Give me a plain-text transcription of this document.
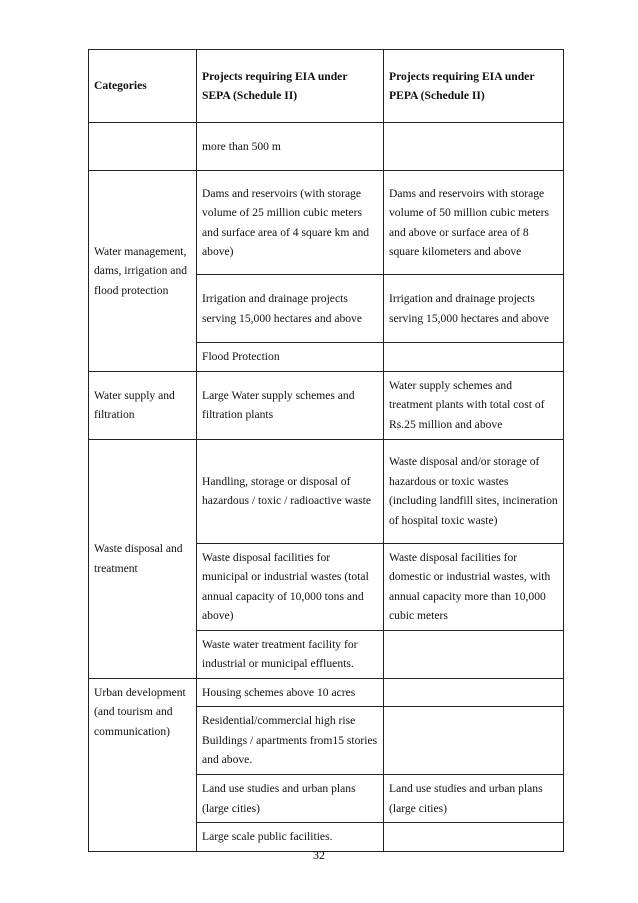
Categories	Projects requiring EIA under SEPA (Schedule II)	Projects requiring EIA under PEPA (Schedule II)
	more than 500 m	
Water management, dams, irrigation and flood protection	Dams and reservoirs (with storage volume of 25 million cubic meters and surface area of 4 square km and above)	Dams and reservoirs with storage volume of 50 million cubic meters and above or surface area of 8 square kilometers and above
	Irrigation and drainage projects serving 15,000 hectares and above	Irrigation and drainage projects serving 15,000 hectares and above
	Flood Protection	
Water supply and filtration	Large Water supply schemes and filtration plants	Water supply schemes and treatment plants with total cost of Rs.25 million and above
Waste disposal and treatment	Handling, storage or disposal of hazardous / toxic / radioactive waste	Waste disposal and/or storage of hazardous or toxic wastes (including landfill sites, incineration of hospital toxic waste)
	Waste disposal facilities for municipal or industrial wastes (total annual capacity of 10,000 tons and above)	Waste disposal facilities for domestic or industrial wastes, with annual capacity more than 10,000 cubic meters
	Waste water treatment facility for industrial or municipal effluents.	
Urban development (and tourism and communication)	Housing schemes above 10 acres	
	Residential/commercial high rise Buildings / apartments from15 stories and above.	
	Land use studies and urban plans (large cities)	Land use studies and urban plans (large cities)
	Large scale public facilities.	
32
